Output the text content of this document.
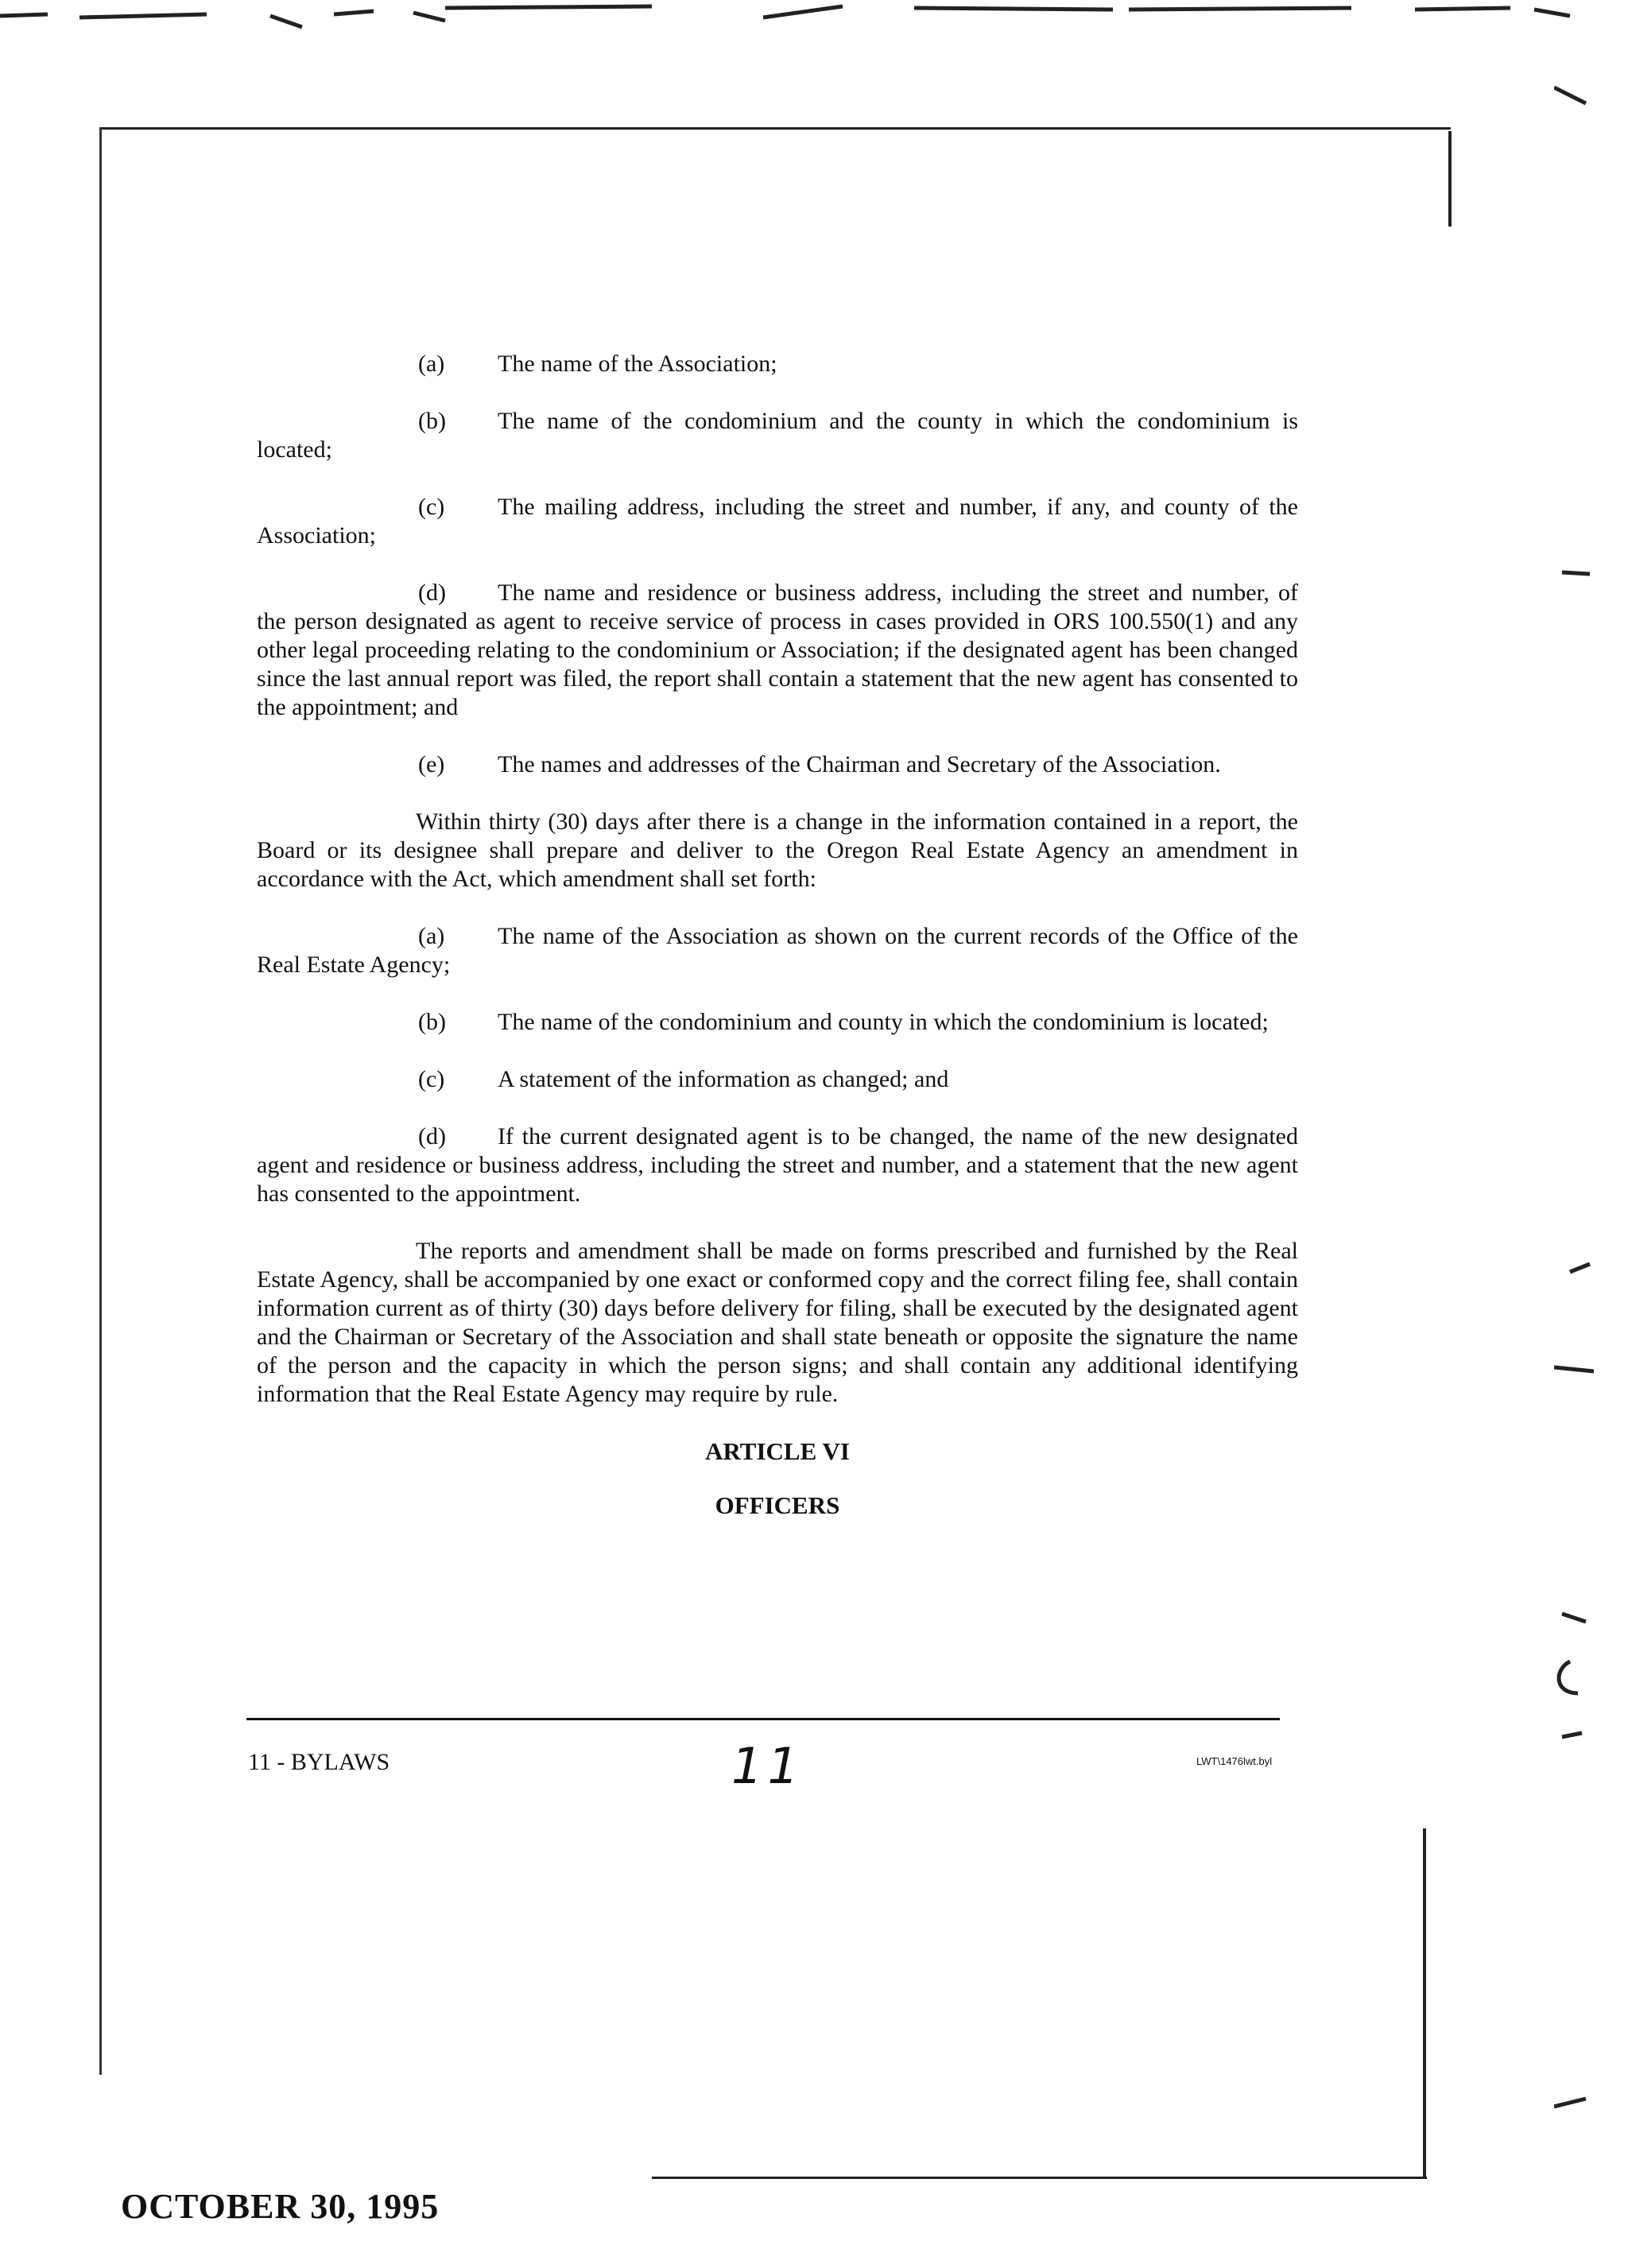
(a) The name of the Association;
(b) The name of the condominium and the county in which the condominium is located;
(c) The mailing address, including the street and number, if any, and county of the Association;
(d) The name and residence or business address, including the street and number, of the person designated as agent to receive service of process in cases provided in ORS 100.550(1) and any other legal proceeding relating to the condominium or Association; if the designated agent has been changed since the last annual report was filed, the report shall contain a statement that the new agent has consented to the appointment; and
(e) The names and addresses of the Chairman and Secretary of the Association.

Within thirty (30) days after there is a change in the information contained in a report, the Board or its designee shall prepare and deliver to the Oregon Real Estate Agency an amendment in accordance with the Act, which amendment shall set forth:

(a) The name of the Association as shown on the current records of the Office of the Real Estate Agency;
(b) The name of the condominium and county in which the condominium is located;
(c) A statement of the information as changed; and
(d) If the current designated agent is to be changed, the name of the new designated agent and residence or business address, including the street and number, and a statement that the new agent has consented to the appointment.

The reports and amendment shall be made on forms prescribed and furnished by the Real Estate Agency, shall be accompanied by one exact or conformed copy and the correct filing fee, shall contain information current as of thirty (30) days before delivery for filing, shall be executed by the designated agent and the Chairman or Secretary of the Association and shall state beneath or opposite the signature the name of the person and the capacity in which the person signs; and shall contain any additional identifying information that the Real Estate Agency may require by rule.

ARTICLE VI

OFFICERS

11 - BYLAWS	11	LWT\1476lwt.byl
OCTOBER 30, 1995
